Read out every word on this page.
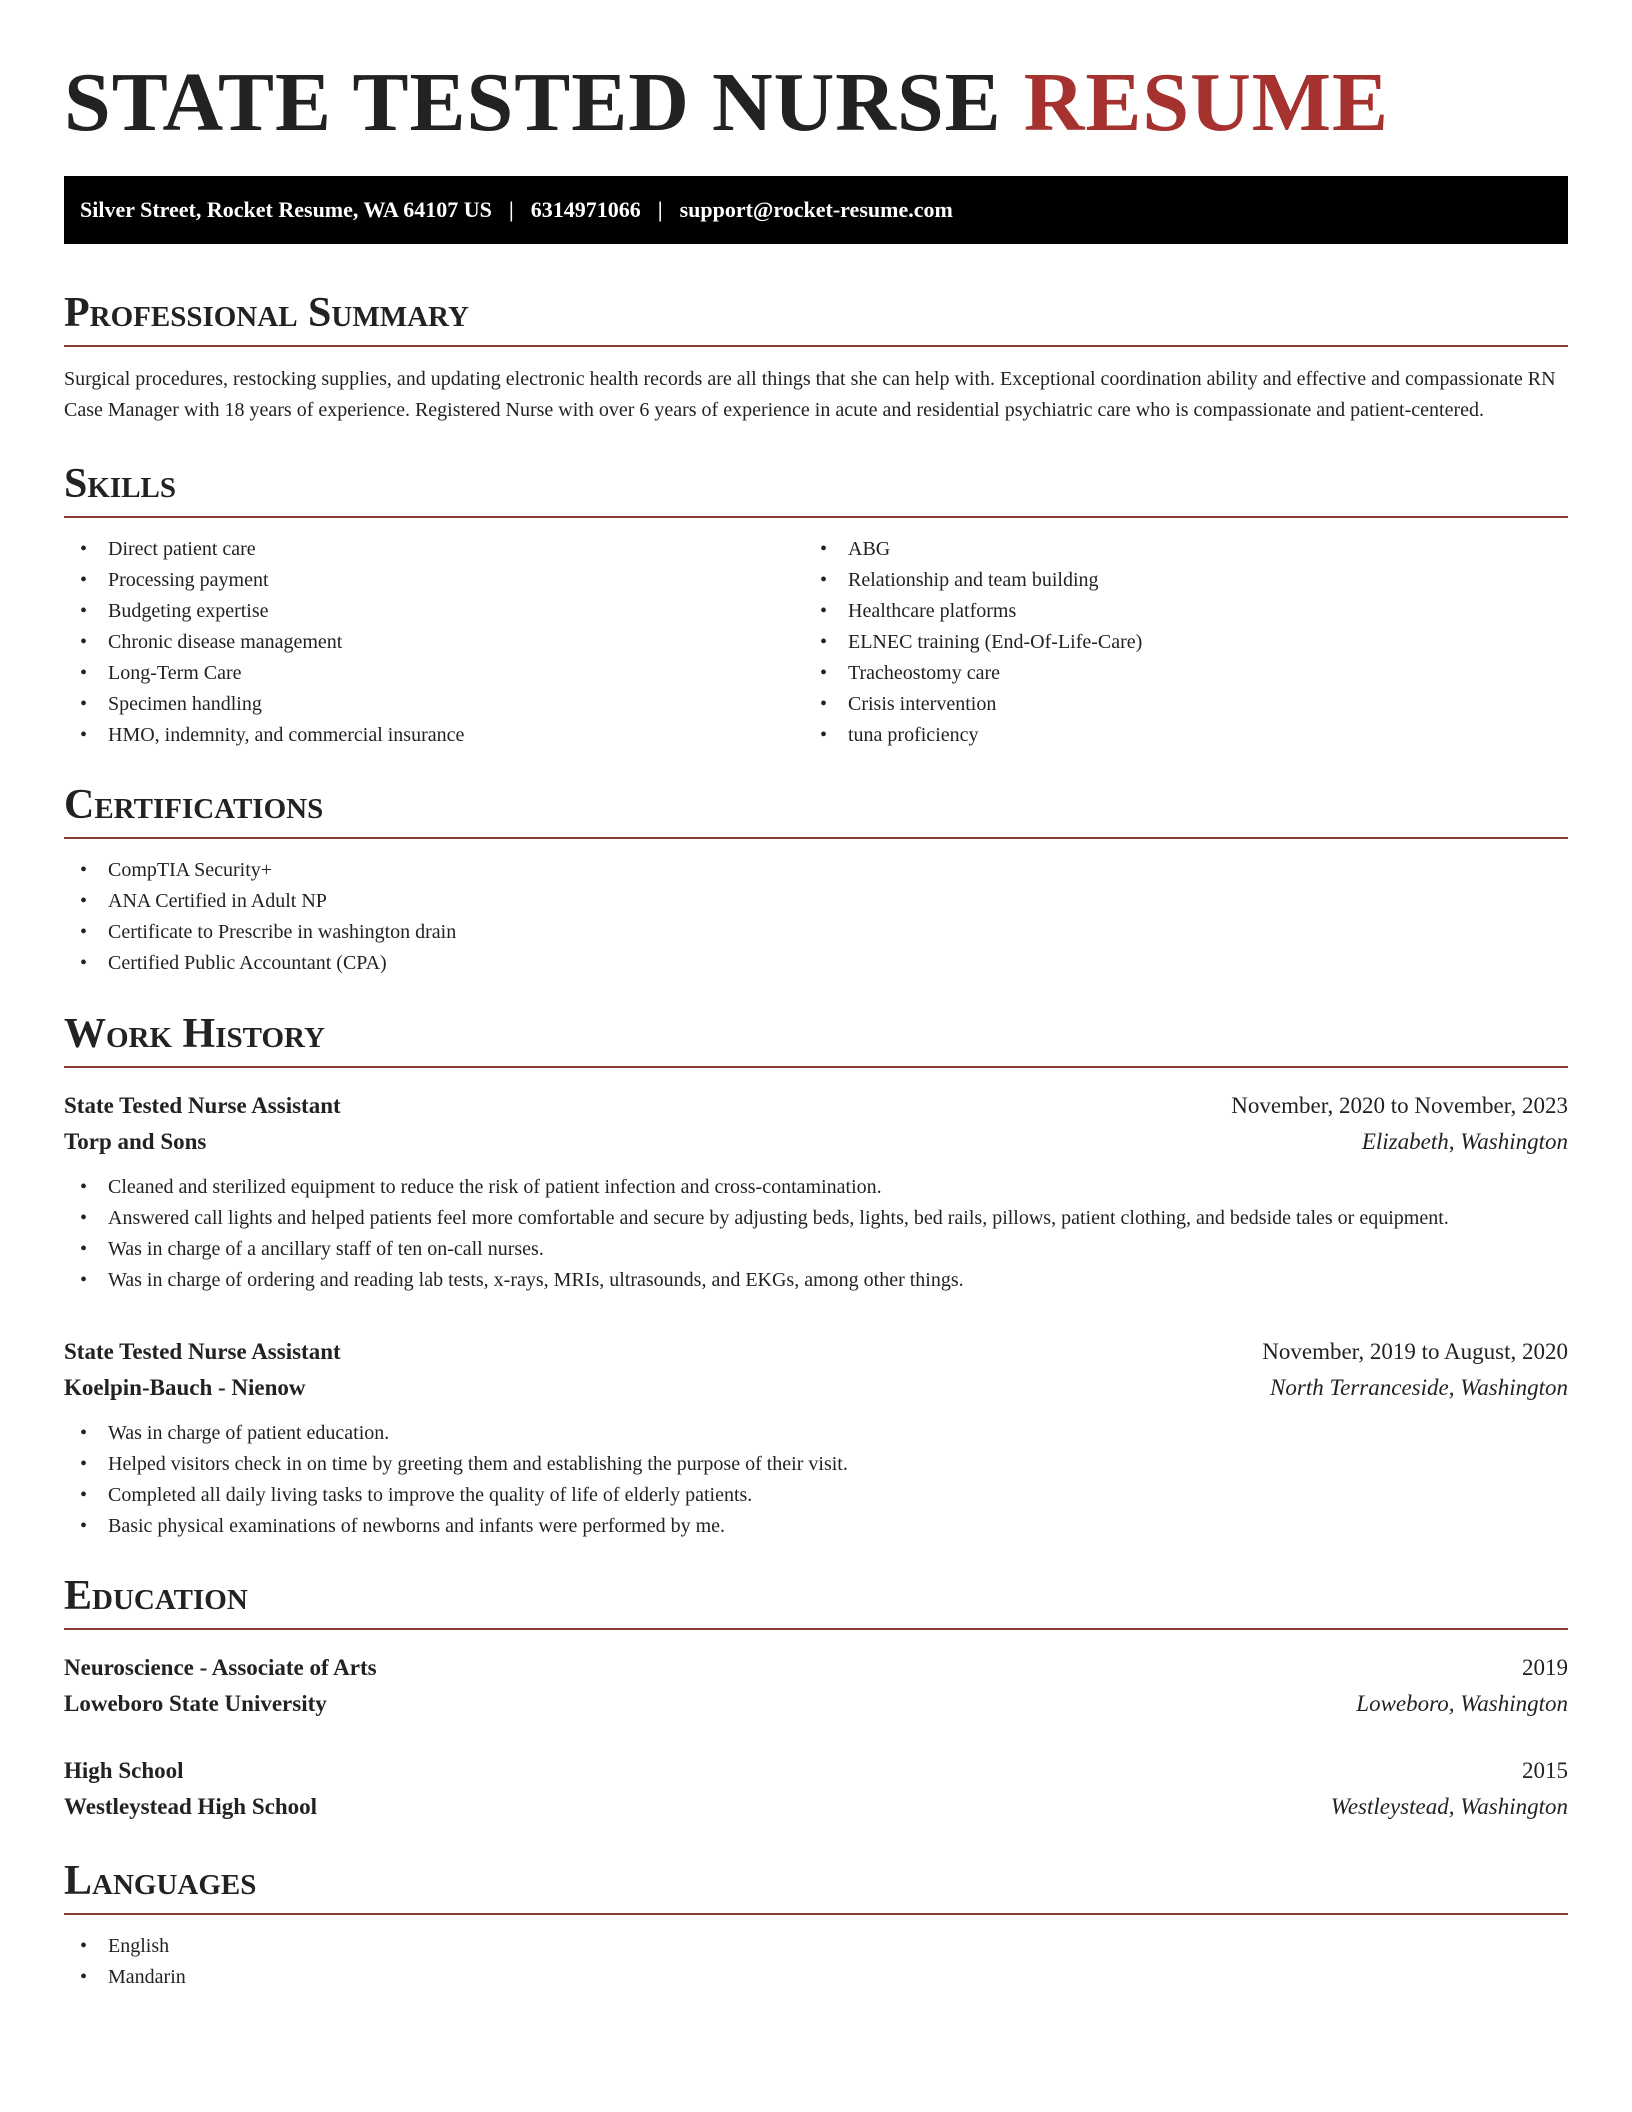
STATE TESTED NURSE RESUME
Silver Street, Rocket Resume, WA 64107 US | 6314971066 | support@rocket-resume.com
Professional Summary

Surgical procedures, restocking supplies, and updating electronic health records are all things that she can help with. Exceptional coordination ability and effective and compassionate RN Case Manager with 18 years of experience. Registered Nurse with over 6 years of experience in acute and residential psychiatric care who is compassionate and patient-centered.

Skills
• Direct patient care
• Processing payment
• Budgeting expertise
• Chronic disease management
• Long-Term Care
• Specimen handling
• HMO, indemnity, and commercial insurance
• ABG
• Relationship and team building
• Healthcare platforms
• ELNEC training (End-Of-Life-Care)
• Tracheostomy care
• Crisis intervention
• tuna proficiency
Certifications
• CompTIA Security+
• ANA Certified in Adult NP
• Certificate to Prescribe in washington drain
• Certified Public Accountant (CPA)
Work History
State Tested Nurse Assistant	November, 2020 to November, 2023
Torp and Sons	Elizabeth, Washington
• Cleaned and sterilized equipment to reduce the risk of patient infection and cross-contamination.
• Answered call lights and helped patients feel more comfortable and secure by adjusting beds, lights, bed rails, pillows, patient clothing, and bedside tales or equipment.
• Was in charge of a ancillary staff of ten on-call nurses.
• Was in charge of ordering and reading lab tests, x-rays, MRIs, ultrasounds, and EKGs, among other things.
State Tested Nurse Assistant	November, 2019 to August, 2020
Koelpin-Bauch - Nienow	North Terranceside, Washington
• Was in charge of patient education.
• Helped visitors check in on time by greeting them and establishing the purpose of their visit.
• Completed all daily living tasks to improve the quality of life of elderly patients.
• Basic physical examinations of newborns and infants were performed by me.
Education
Neuroscience - Associate of Arts	2019
Loweboro State University	Loweboro, Washington
High School	2015
Westleystead High School	Westleystead, Washington
Languages
• English
• Mandarin
